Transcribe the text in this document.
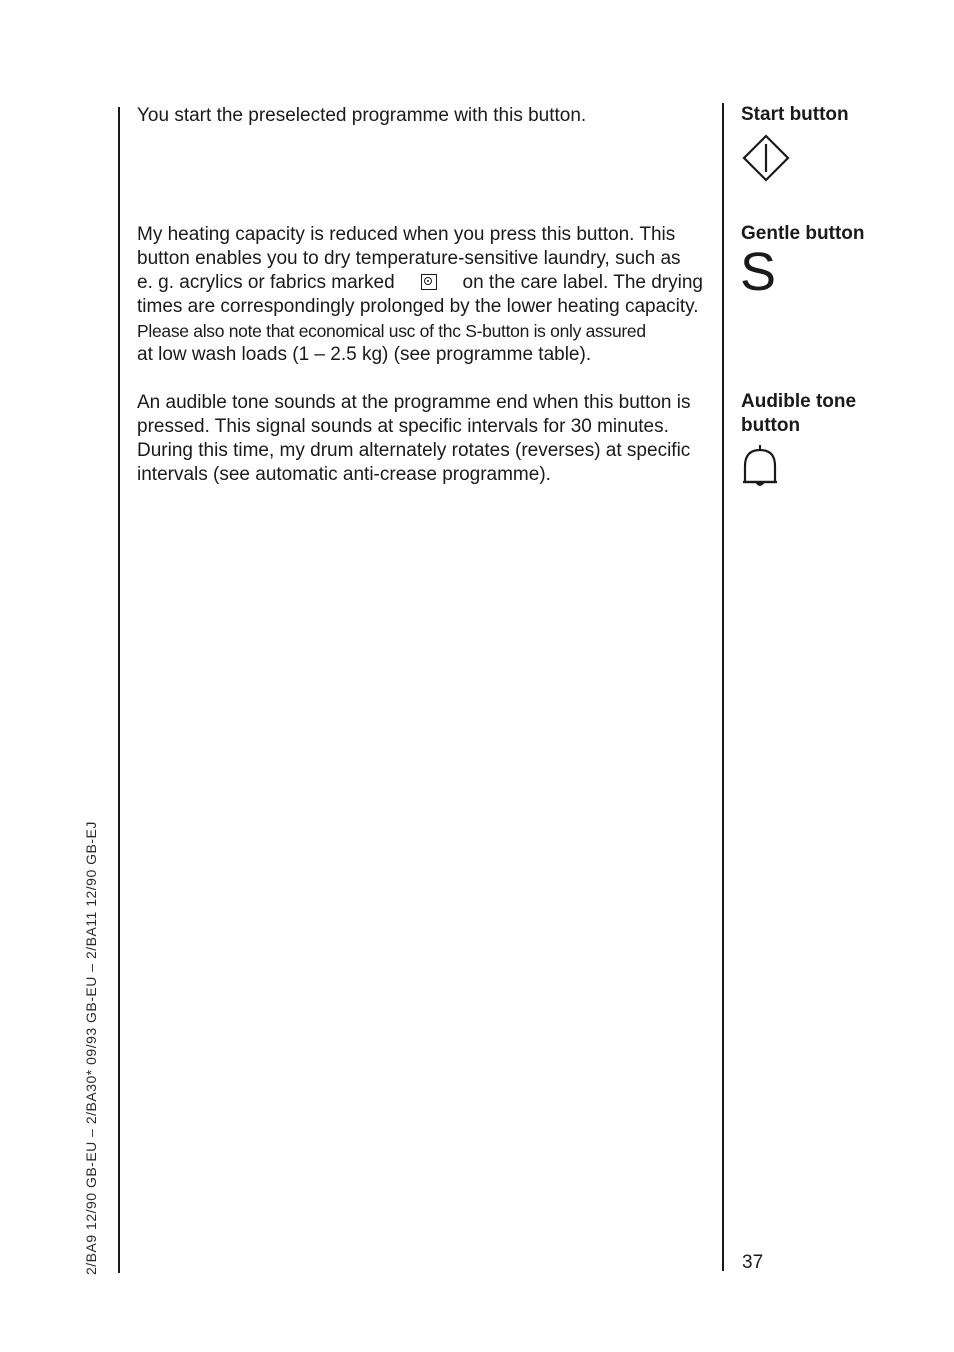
You start the preselected programme with this button.	Start button

My heating capacity is reduced when you press this button. This
button enables you to dry temperature-sensitive laundry, such as
e. g. acrylics or fabrics marked	on the care label. The drying
times are correspondingly prolonged by the lower heating capacity.
Please also note that economical usc of thc S-button is only assured
at low wash loads (1 – 2.5 kg) (see programme table).

Gentle button

S

An audible tone sounds at the programme end when this button is
pressed. This signal sounds at specific intervals for 30 minutes.
During this time, my drum alternately rotates (reverses) at specific
intervals (see automatic anti-crease programme).

Audible tone
button

37
2/BA9 12/90 GB-EU – 2/BA30* 09/93 GB-EU – 2/BA11 12/90 GB-EJ
